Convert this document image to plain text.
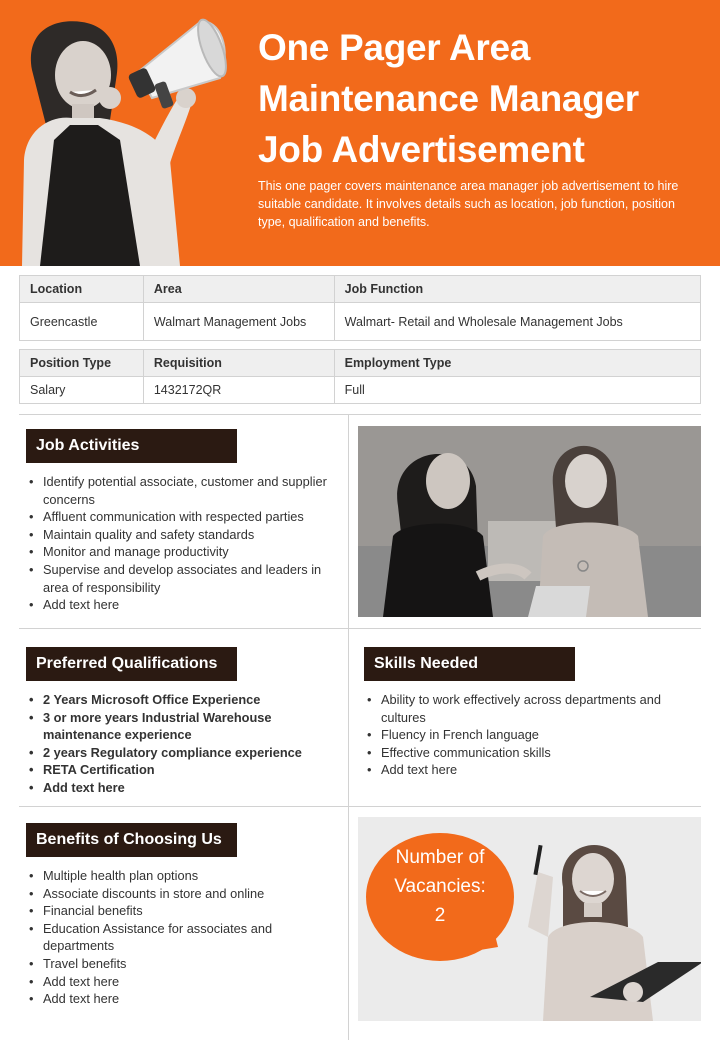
One Pager Area
Maintenance Manager
Job Advertisement
This one pager covers maintenance area manager job advertisement to hire suitable candidate. It involves details such as location, job function, position type, qualification and benefits.
Location	Area	Job Function
Greencastle	Walmart Management Jobs	Walmart- Retail and Wholesale Management Jobs
Position Type	Requisition	Employment Type
Salary	1432172QR	Full
Job Activities
• Identify potential associate, customer and supplier concerns
• Affluent communication with respected parties
• Maintain quality and safety standards
• Monitor and manage productivity
• Supervise and develop associates and leaders in area of responsibility
• Add text here
Preferred Qualifications
• 2 Years Microsoft Office Experience
• 3 or more years Industrial Warehouse maintenance experience
• 2 years Regulatory compliance experience
• RETA Certification
• Add text here
Skills Needed
• Ability to work effectively across departments and cultures
• Fluency in French language
• Effective communication skills
• Add text here
Benefits of Choosing Us
• Multiple health plan options
• Associate discounts in store and online
• Financial benefits
• Education Assistance for associates and departments
• Travel benefits
• Add text here
• Add text here
Number of
Vacancies:
2
